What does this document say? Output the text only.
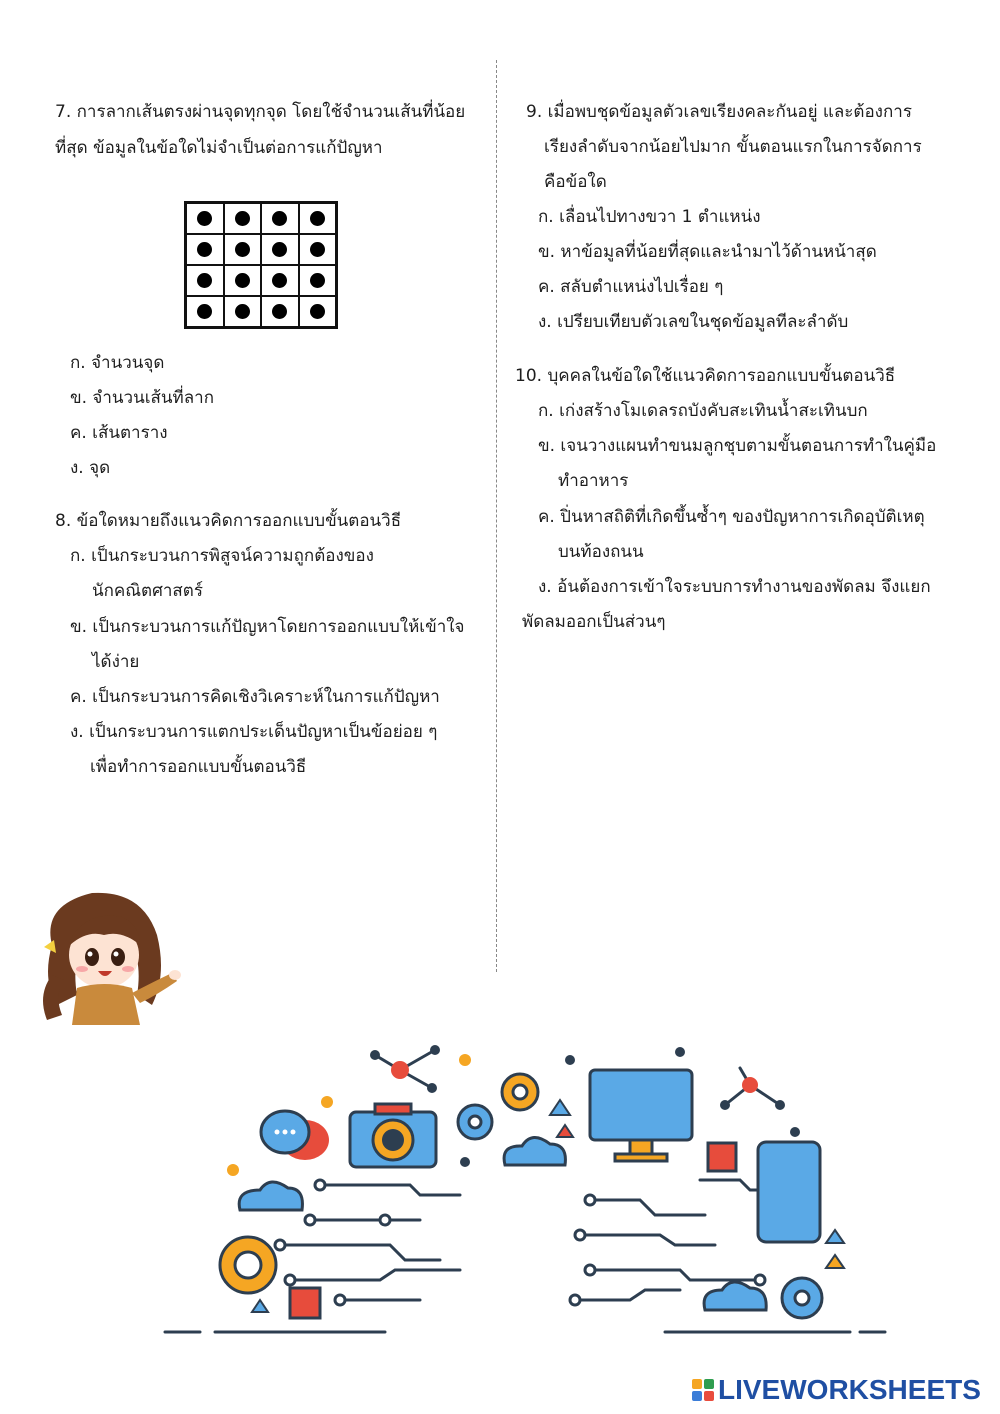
7. การลากเส้นตรงผ่านจุดทุกจุด โดยใช้จำนวนเส้นที่น้อย
ที่สุด ข้อมูลในข้อใดไม่จำเป็นต่อการแก้ปัญหา
ก. จำนวนจุด
ข. จำนวนเส้นที่ลาก
ค. เส้นตาราง
ง. จุด
8. ข้อใดหมายถึงแนวคิดการออกแบบขั้นตอนวิธี
ก. เป็นกระบวนการพิสูจน์ความถูกต้องของ
นักคณิตศาสตร์
ข. เป็นกระบวนการแก้ปัญหาโดยการออกแบบให้เข้าใจ
ได้ง่าย
ค. เป็นกระบวนการคิดเชิงวิเคราะห์ในการแก้ปัญหา
ง. เป็นกระบวนการแตกประเด็นปัญหาเป็นข้อย่อย ๆ
เพื่อทำการออกแบบขั้นตอนวิธี
9. เมื่อพบชุดข้อมูลตัวเลขเรียงคละกันอยู่ และต้องการ
เรียงลำดับจากน้อยไปมาก ขั้นตอนแรกในการจัดการ
คือข้อใด
ก. เลื่อนไปทางขวา 1 ตำแหน่ง
ข. หาข้อมูลที่น้อยที่สุดและนำมาไว้ด้านหน้าสุด
ค. สลับตำแหน่งไปเรื่อย ๆ
ง. เปรียบเทียบตัวเลขในชุดข้อมูลทีละลำดับ
10. บุคคลในข้อใดใช้แนวคิดการออกแบบขั้นตอนวิธี
ก. เก่งสร้างโมเดลรถบังคับสะเทินน้ำสะเทินบก
ข. เจนวางแผนทำขนมลูกชุบตามขั้นตอนการทำในคู่มือ
ทำอาหาร
ค. ปิ่นหาสถิติที่เกิดขึ้นซ้ำๆ ของปัญหาการเกิดอุบัติเหตุ
บนท้องถนน
ง. อ้นต้องการเข้าใจระบบการทำงานของพัดลม จึงแยก
พัดลมออกเป็นส่วนๆ
LIVEWORKSHEETS
